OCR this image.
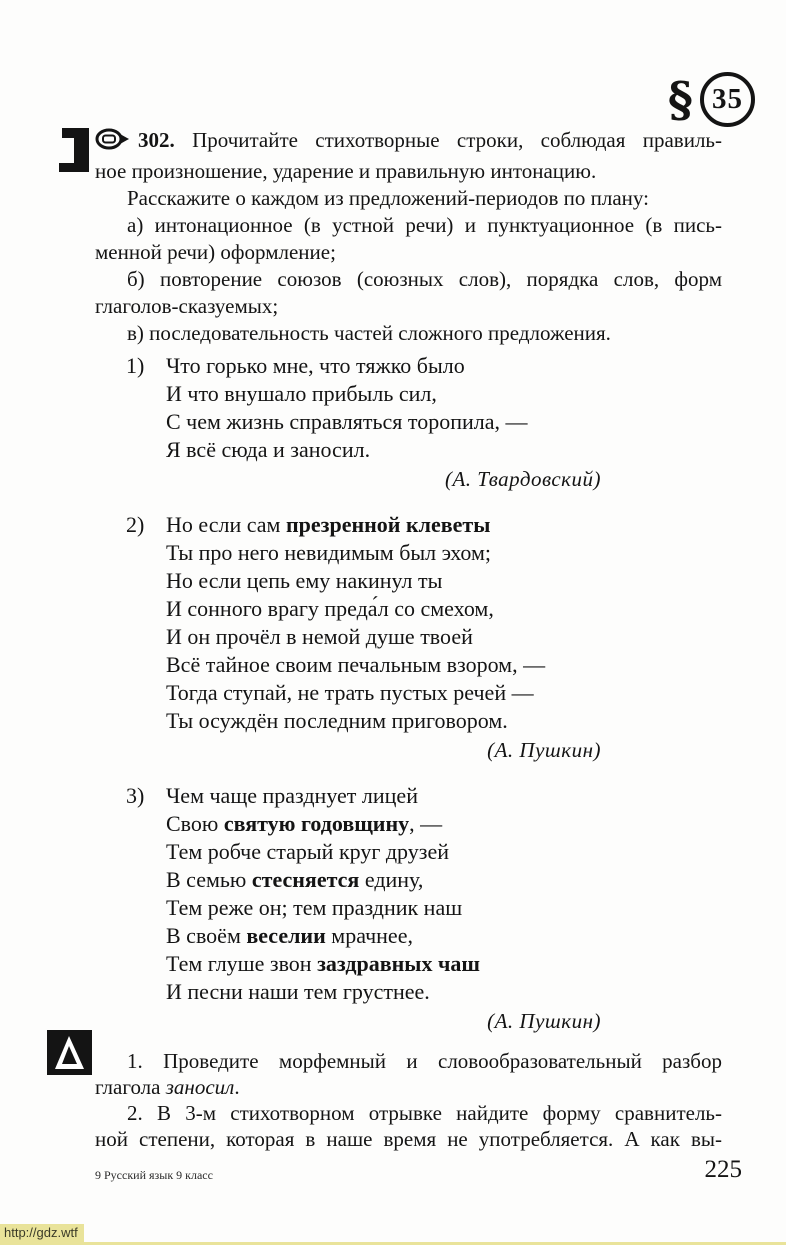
§ 35
302. Прочитайте стихотворные строки, соблюдая правиль-
ное произношение, ударение и правильную интонацию.
Расскажите о каждом из предложений-периодов по плану:
а) интонационное (в устной речи) и пунктуационное (в пись-
менной речи) оформление;
б) повторение союзов (союзных слов), порядка слов, форм
глаголов-сказуемых;
в) последовательность частей сложного предложения.
1) Что горько мне, что тяжко было
И что внушало прибыль сил,
С чем жизнь справляться торопила, —
Я всё сюда и заносил.
(А. Твардовский)
2) Но если сам презренной клеветы
Ты про него невидимым был эхом;
Но если цепь ему накинул ты
И сонного врагу преда́л со смехом,
И он прочёл в немой душе твоей
Всё тайное своим печальным взором, —
Тогда ступай, не трать пустых речей —
Ты осуждён последним приговором.
(А. Пушкин)
3) Чем чаще празднует лицей
Свою святую годовщину, —
Тем робче старый круг друзей
В семью стесняется едину,
Тем реже он; тем праздник наш
В своём веселии мрачнее,
Тем глуше звон заздравных чаш
И песни наши тем грустнее.
(А. Пушкин)
1. Проведите морфемный и словообразовательный разбор
глагола заносил.
2. В 3-м стихотворном отрывке найдите форму сравнитель-
ной степени, которая в наше время не употребляется. А как вы-
9 Русский язык 9 класс	225
http://gdz.wtf
